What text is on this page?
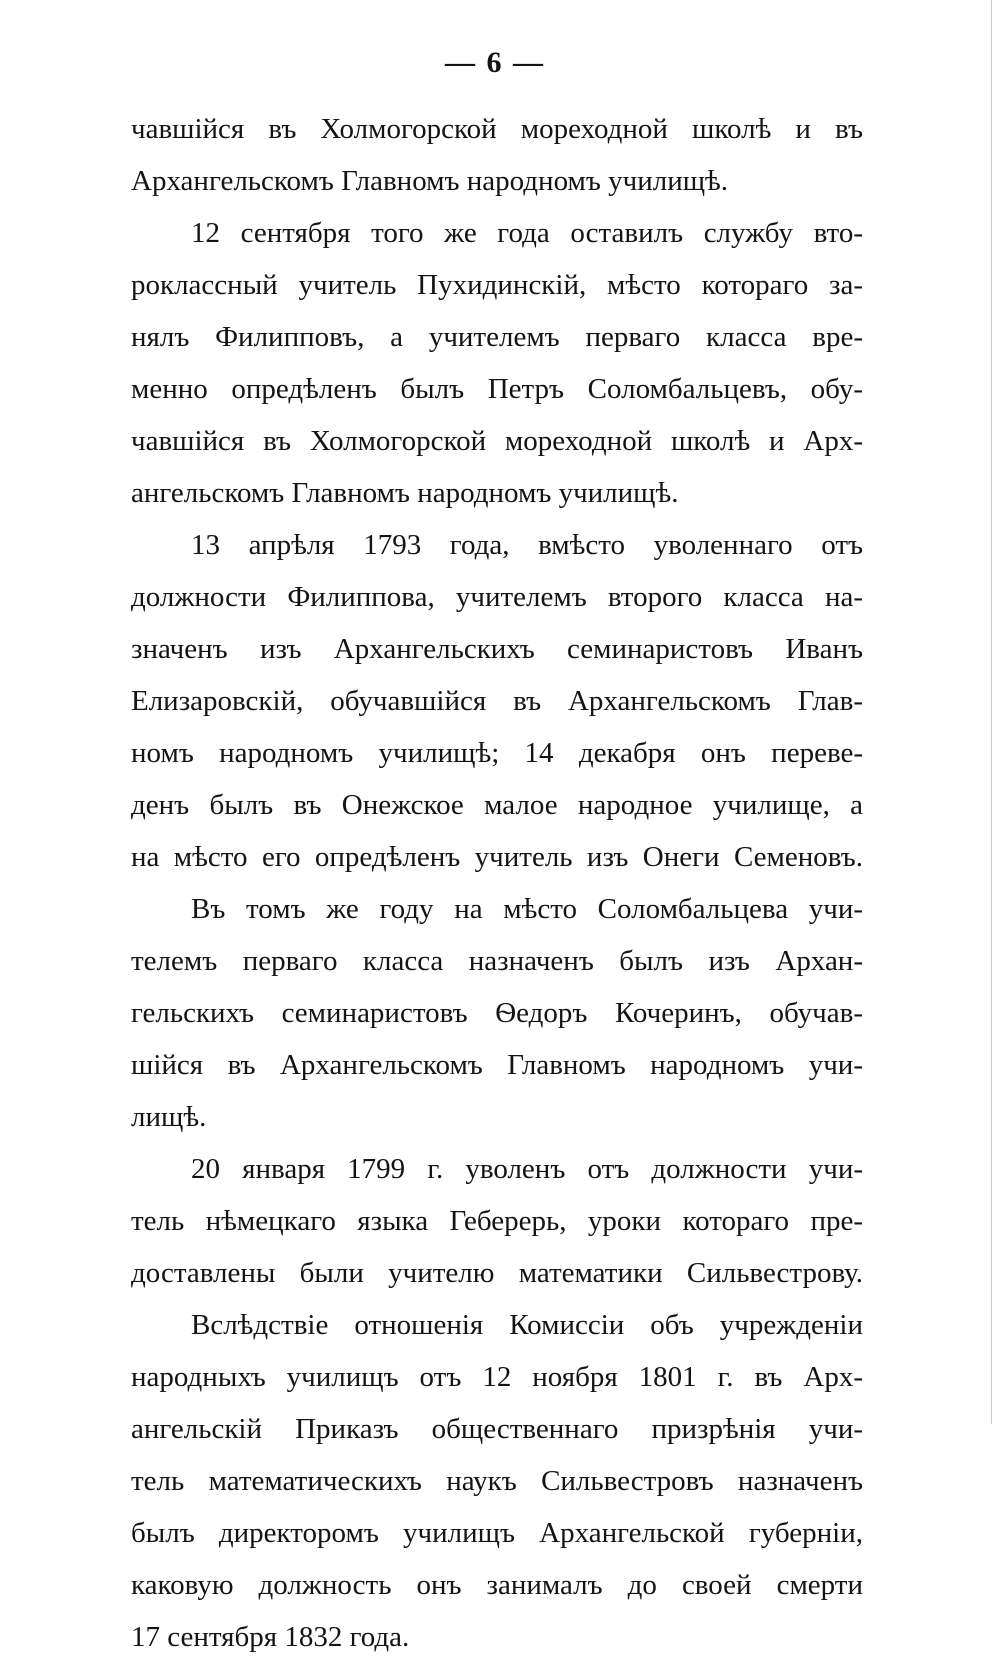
— 6 —
чавшійся въ Холмогорской мореходной школѣ и въ
Архангельскомъ Главномъ народномъ училищѣ.
12 сентября того же года оставилъ службу вто-
роклассный учитель Пухидинскій, мѣсто котораго за-
нялъ Филипповъ, а учителемъ перваго класса вре-
менно опредѣленъ былъ Петръ Соломбальцевъ, обу-
чавшійся въ Холмогорской мореходной школѣ и Арх-
ангельскомъ Главномъ народномъ училищѣ.
13 апрѣля 1793 года, вмѣсто уволеннаго отъ
должности Филиппова, учителемъ второго класса на-
значенъ изъ Архангельскихъ семинаристовъ Иванъ
Елизаровскій, обучавшійся въ Архангельскомъ Глав-
номъ народномъ училищѣ; 14 декабря онъ переве-
денъ былъ въ Онежское малое народное училище, а
на мѣсто его опредѣленъ учитель изъ Онеги Семеновъ.
Въ томъ же году на мѣсто Соломбальцева учи-
телемъ перваго класса назначенъ былъ изъ Архан-
гельскихъ семинаристовъ Ѳедоръ Кочеринъ, обучав-
шійся въ Архангельскомъ Главномъ народномъ учи-
лищѣ.
20 января 1799 г. уволенъ отъ должности учи-
тель нѣмецкаго языка Геберерь, уроки котораго пре-
доставлены были учителю математики Сильвестрову.
Вслѣдствіе отношенія Комиссіи объ учрежденіи
народныхъ училищъ отъ 12 ноября 1801 г. въ Арх-
ангельскій Приказъ общественнаго призрѣнія учи-
тель математическихъ наукъ Сильвестровъ назначенъ
былъ директоромъ училищъ Архангельской губерніи,
каковую должность онъ занималъ до своей смерти
17 сентября 1832 года.
